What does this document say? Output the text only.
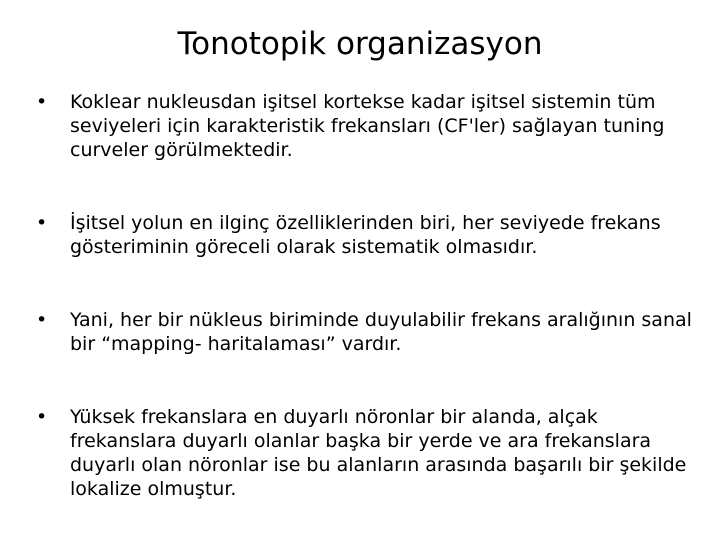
Tonotopik organizasyon
• Koklear nukleusdan işitsel kortekse kadar işitsel sistemin tüm seviyeleri için karakteristik frekansları (CF'ler) sağlayan tuning curveler görülmektedir.
• İşitsel yolun en ilginç özelliklerinden biri, her seviyede frekans gösteriminin göreceli olarak sistematik olmasıdır.
• Yani, her bir nükleus biriminde duyulabilir frekans aralığının sanal bir “mapping- haritalaması” vardır.
• Yüksek frekanslara en duyarlı nöronlar bir alanda, alçak frekanslara duyarlı olanlar başka bir yerde ve ara frekanslara duyarlı olan nöronlar ise bu alanların arasında başarılı bir şekilde lokalize olmuştur.
